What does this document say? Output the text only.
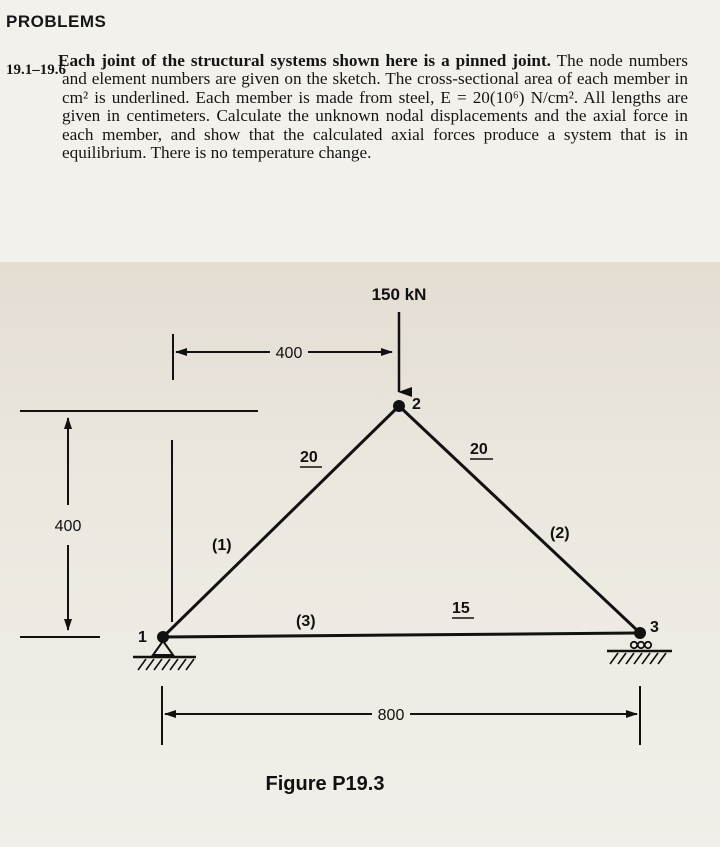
PROBLEMS
19.1–19.6
Each joint of the structural systems shown here is a pinned joint. The node numbers and element numbers are given on the sketch. The cross-sectional area of each member in cm² is underlined. Each member is made from steel, E = 20(10⁶) N/cm². All lengths are given in centimeters. Calculate the unknown nodal displacements and the axial force in each member, and show that the calculated axial forces produce a system that is in equilibrium. There is no temperature change.
400
400
150 kN
2
1
3
(1)
(2)
(3)
20	20
15
800
Figure P19.3
